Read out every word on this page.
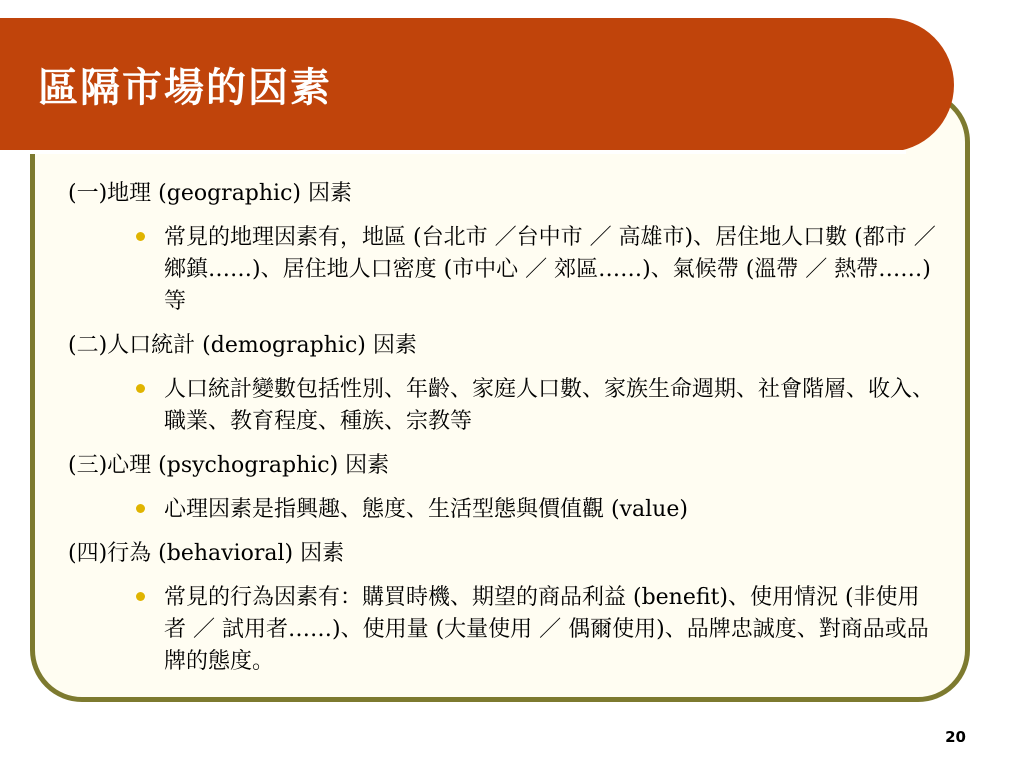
區隔市場的因素

(一)地理 (geographic) 因素

常見的地理因素有，地區 (台北市 ／台中市 ／ 高雄市)、居住地人口數 (都市 ／ 鄉鎮……)、居住地人口密度 (市中心 ／ 郊區……)、氣候帶 (溫帶 ／ 熱帶……) 等

(二)人口統計 (demographic) 因素

人口統計變數包括性別、年齡、家庭人口數、家族生命週期、社會階層、收入、職業、教育程度、種族、宗教等

(三)心理 (psychographic) 因素

心理因素是指興趣、態度、生活型態與價值觀 (value)

(四)行為 (behavioral) 因素

常見的行為因素有：購買時機、期望的商品利益 (benefit)、使用情況 (非使用者 ／ 試用者……)、使用量 (大量使用 ／ 偶爾使用)、品牌忠誠度、對商品或品牌的態度。
20
